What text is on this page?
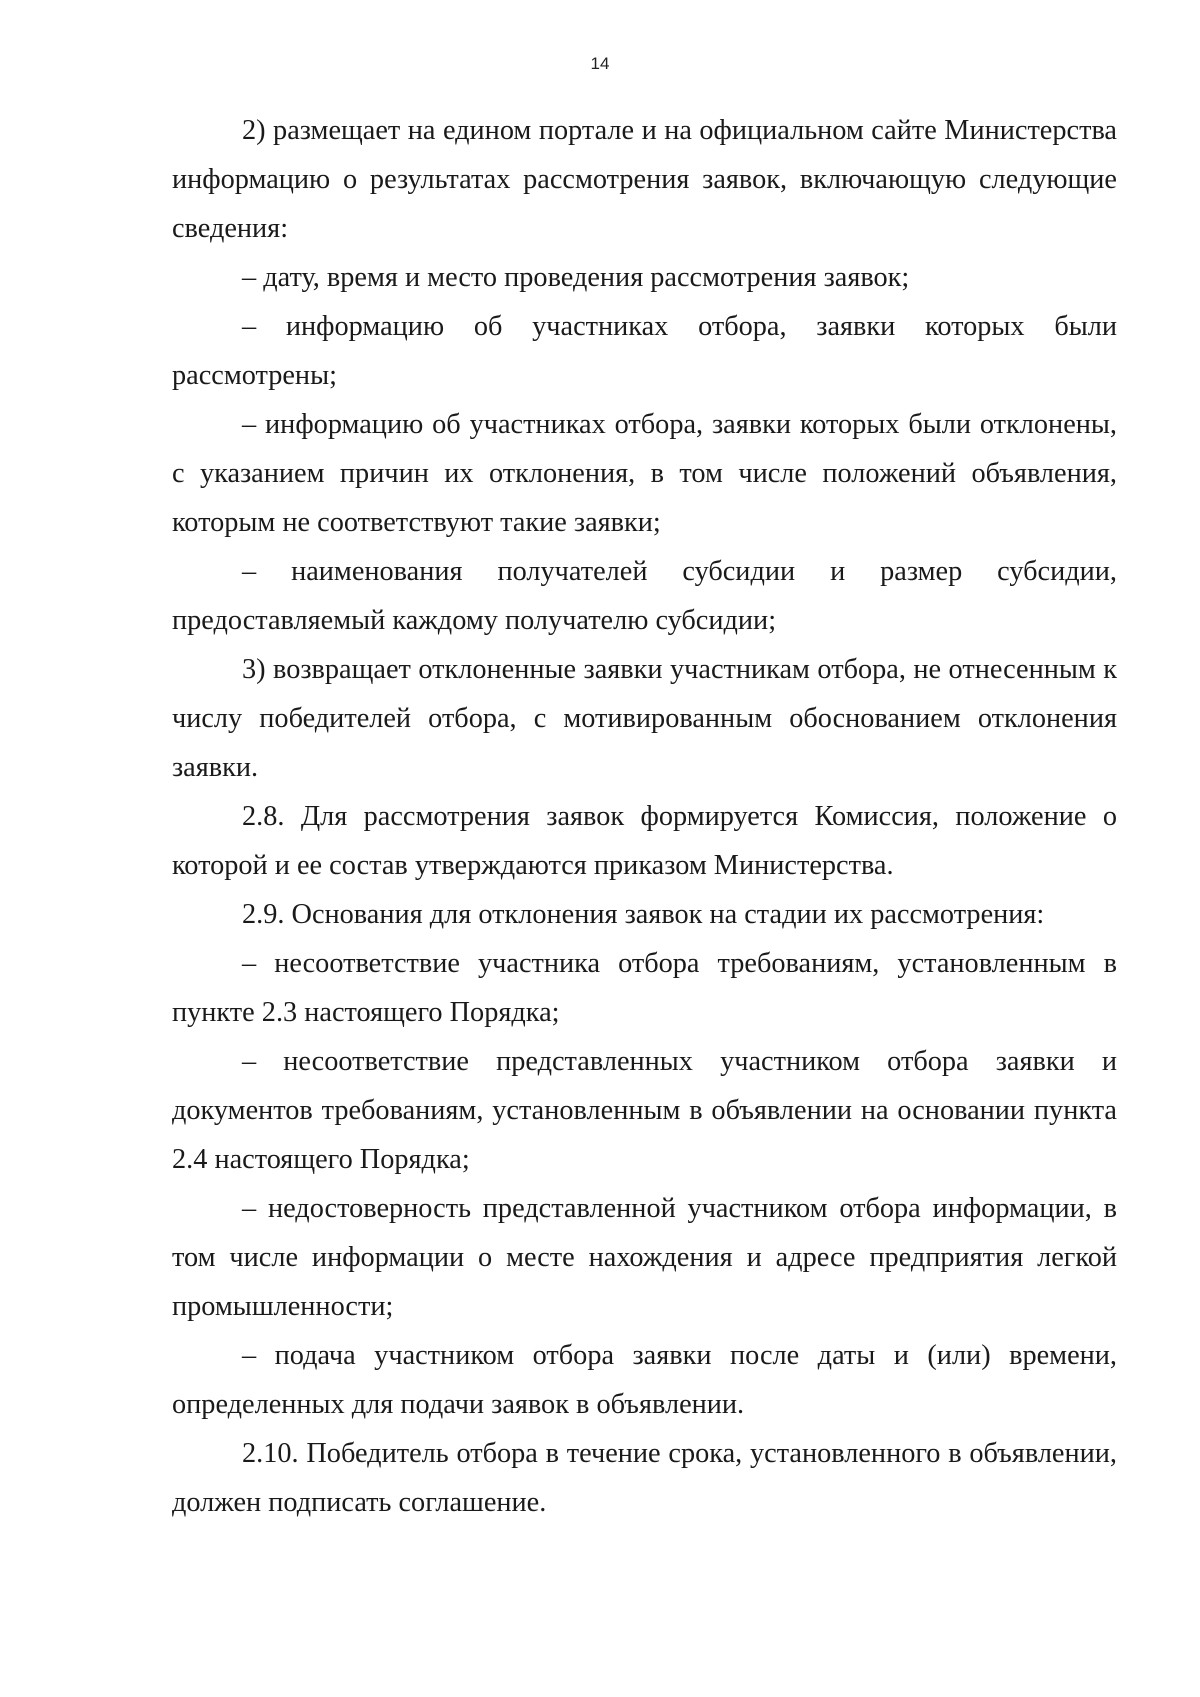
14

2) размещает на едином портале и на официальном сайте Министерства информацию о результатах рассмотрения заявок, включающую следующие сведения:

– дату, время и место проведения рассмотрения заявок;

– информацию об участниках отбора, заявки которых были рассмотрены;

– информацию об участниках отбора, заявки которых были отклонены, с указанием причин их отклонения, в том числе положений объявления, которым не соответствуют такие заявки;

– наименования получателей субсидии и размер субсидии, предоставляемый каждому получателю субсидии;

3) возвращает отклоненные заявки участникам отбора, не отнесенным к числу победителей отбора, с мотивированным обоснованием отклонения заявки.

2.8. Для рассмотрения заявок формируется Комиссия, положение о которой и ее состав утверждаются приказом Министерства.

2.9. Основания для отклонения заявок на стадии их рассмотрения:

– несоответствие участника отбора требованиям, установленным в пункте 2.3 настоящего Порядка;

– несоответствие представленных участником отбора заявки и документов требованиям, установленным в объявлении на основании пункта 2.4 настоящего Порядка;

– недостоверность представленной участником отбора информации, в том числе информации о месте нахождения и адресе предприятия легкой промышленности;

– подача участником отбора заявки после даты и (или) времени, определенных для подачи заявок в объявлении.

2.10. Победитель отбора в течение срока, установленного в объявлении, должен подписать соглашение.
